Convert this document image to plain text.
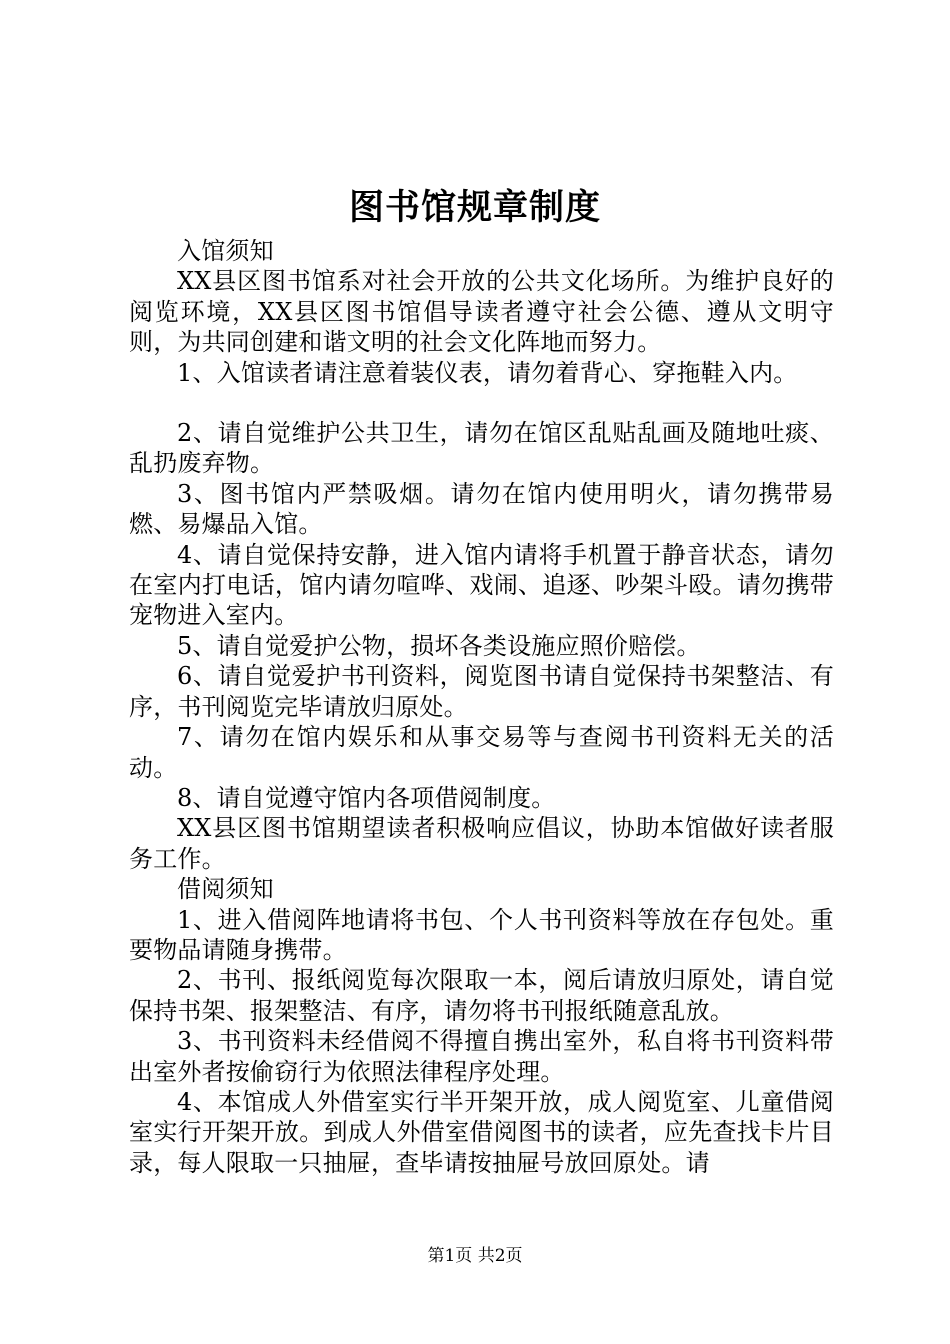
图书馆规章制度

入馆须知

XX县区图书馆系对社会开放的公共文化场所。为维护良好的阅览环境，XX县区图书馆倡导读者遵守社会公德、遵从文明守则，为共同创建和谐文明的社会文化阵地而努力。

1、入馆读者请注意着装仪表，请勿着背心、穿拖鞋入内。

2、请自觉维护公共卫生，请勿在馆区乱贴乱画及随地吐痰、乱扔废弃物。

3、图书馆内严禁吸烟。请勿在馆内使用明火，请勿携带易燃、易爆品入馆。

4、请自觉保持安静，进入馆内请将手机置于静音状态，请勿在室内打电话，馆内请勿喧哗、戏闹、追逐、吵架斗殴。请勿携带宠物进入室内。

5、请自觉爱护公物，损坏各类设施应照价赔偿。

6、请自觉爱护书刊资料，阅览图书请自觉保持书架整洁、有序，书刊阅览完毕请放归原处。

7、请勿在馆内娱乐和从事交易等与查阅书刊资料无关的活动。

8、请自觉遵守馆内各项借阅制度。

XX县区图书馆期望读者积极响应倡议，协助本馆做好读者服务工作。

借阅须知

1、进入借阅阵地请将书包、个人书刊资料等放在存包处。重要物品请随身携带。

2、书刊、报纸阅览每次限取一本，阅后请放归原处，请自觉保持书架、报架整洁、有序，请勿将书刊报纸随意乱放。

3、书刊资料未经借阅不得擅自携出室外，私自将书刊资料带出室外者按偷窃行为依照法律程序处理。

4、本馆成人外借室实行半开架开放，成人阅览室、儿童借阅室实行开架开放。到成人外借室借阅图书的读者，应先查找卡片目录，每人限取一只抽屉，查毕请按抽屉号放回原处。请

第1页 共2页
